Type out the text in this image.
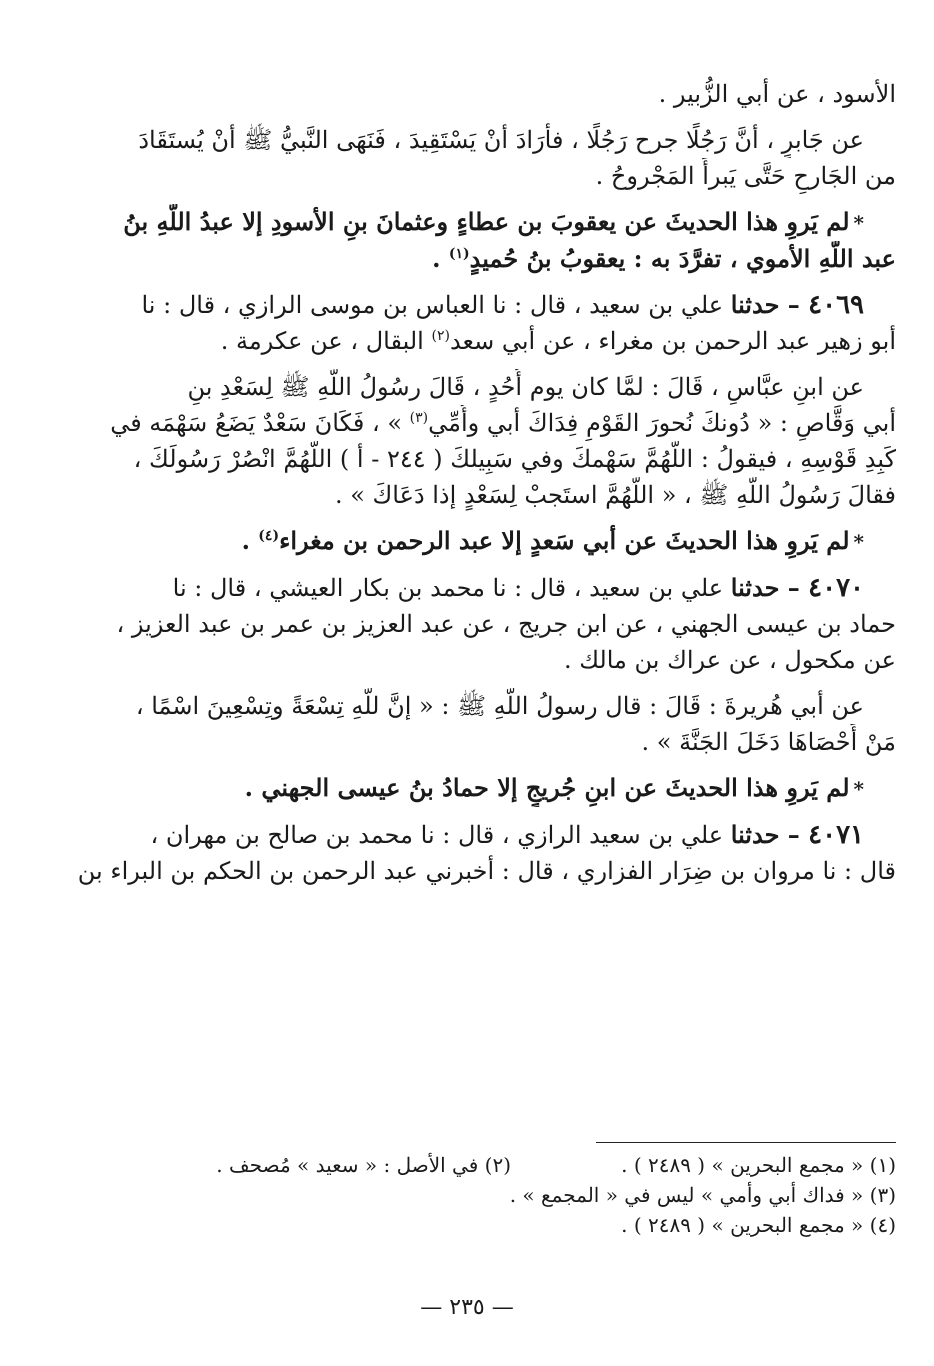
الأسود ، عن أبي الزُّبير .
عن جَابرٍ ، أنَّ رَجُلًا جرح رَجُلًا ، فأرَادَ أنْ يَسْتَقِيدَ ، فَنَهَى النَّبيُّ ﷺ أنْ يُستَقَادَ
من الجَارحِ حَتَّى يَبرأَ المَجْروحُ .
*لم يَروِ هذا الحديثَ عن يعقوبَ بن عطاءٍ وعثمانَ بنِ الأسودِ إلا عبدُ اللَّهِ بنُ
عبد اللَّهِ الأموي ، تفرَّدَ به : يعقوبُ بنُ حُميدٍ$^{(١)}$ .
٤٠٦٩ – حدثنا علي بن سعيد ، قال : نا العباس بن موسى الرازي ، قال : نا
أبو زهير عبد الرحمن بن مغراء ، عن أبي سعد$^{(٢)}$ البقال ، عن عكرمة .
عن ابنِ عبَّاسٍ ، قَالَ : لمَّا كان يوم أُحُدٍ ، قَالَ رسُولُ اللَّهِ ﷺ لِسَعْدِ بنِ
أبي وَقَّاصٍ : « دُونكَ نُحورَ القَوْمِ فِدَاكَ أبي وأُمِّي$^{(٣)}$ » ، فَكَانَ سَعْدٌ يَضَعُ سَهْمَه في
كَبِدِ قَوْسِهِ ، فيقولُ : اللَّهُمَّ سَهْمكَ وفي سَبِيلكَ ( ٢٤٤ - أ ) اللَّهُمَّ انْصُرْ رَسُولَكَ ،
فقالَ رَسُولُ اللَّهِ ﷺ ، « اللَّهُمَّ استَجبْ لِسَعْدٍ إذا دَعَاكَ » .
*لم يَروِ هذا الحديثَ عن أبي سَعدٍ إلا عبد الرحمن بن مغراء$^{(٤)}$ .
٤٠٧٠ – حدثنا علي بن سعيد ، قال : نا محمد بن بكار العيشي ، قال : نا
حماد بن عيسى الجهني ، عن ابن جريج ، عن عبد العزيز بن عمر بن عبد العزيز ،
عن مكحول ، عن عراك بن مالك .
عن أبي هُريرةَ : قَالَ : قال رسولُ اللَّهِ ﷺ : « إنَّ للَّهِ تِسْعَةً وتِسْعِينَ اسْمًا ،
مَنْ أَحْصَاهَا دَخَلَ الجَنَّةَ » .
*لم يَروِ هذا الحديثَ عن ابنِ جُريجٍ إلا حمادُ بنُ عيسى الجهني .
٤٠٧١ – حدثنا علي بن سعيد الرازي ، قال : نا محمد بن صالح بن مهران ،
قال : نا مروان بن ضِرَار الفزاري ، قال : أخبرني عبد الرحمن بن الحكم بن البراء بن
(١) « مجمع البحرين » ( ٢٤٨٩ ) .
(٢) في الأصل : « سعيد » مُصحف .
(٣) « فداك أبي وأمي » ليس في « المجمع » .
(٤) « مجمع البحرين » ( ٢٤٨٩ ) .
— ٢٣٥ —
